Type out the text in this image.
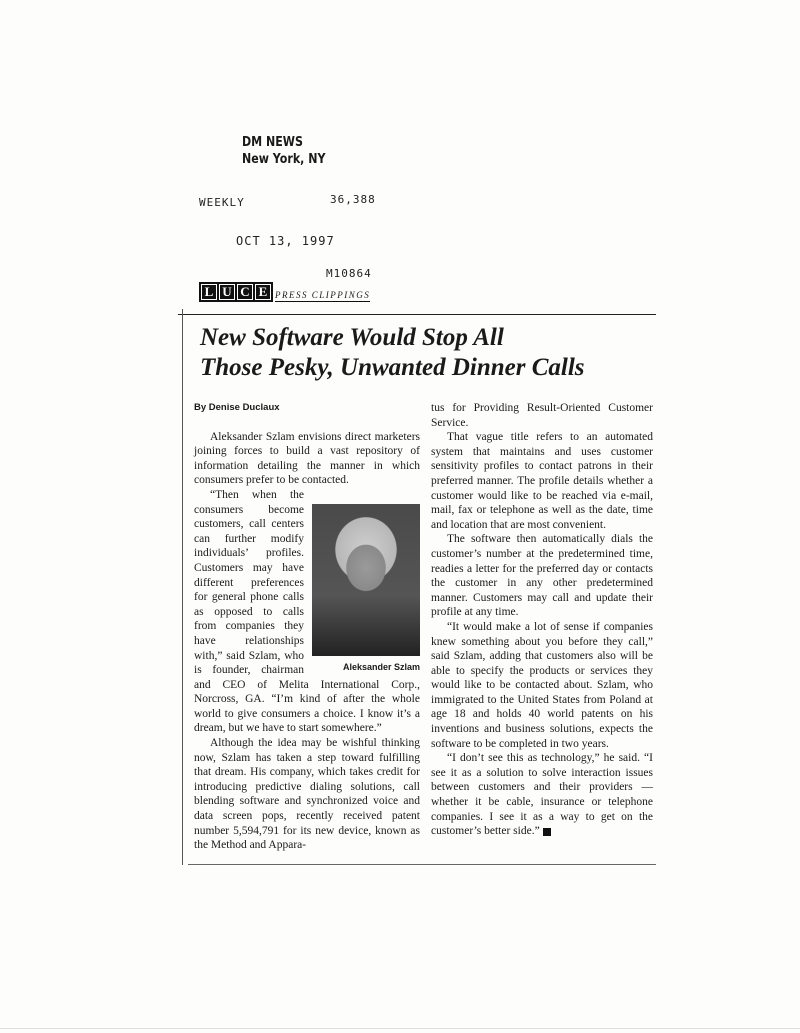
DM NEWS
New York, NY
WEEKLY	36,388
OCT 13, 1997
M10864
L U C E PRESS CLIPPINGS
New Software Would Stop All
Those Pesky, Unwanted Dinner Calls
By Denise Duclaux

Aleksander Szlam envisions direct marketers joining forces to build a vast repository of information detailing the manner in which consumers prefer to be contacted.

Aleksander Szlam

“Then when the consumers become customers, call centers can further modify individuals’ profiles. Customers may have different preferences for general phone calls as opposed to calls from companies they have relationships with,” said Szlam, who is founder, chairman and CEO of Melita International Corp., Norcross, GA. “I’m kind of after the whole world to give consumers a choice. I know it’s a dream, but we have to start somewhere.”

Although the idea may be wishful thinking now, Szlam has taken a step toward fulfilling that dream. His company, which takes credit for introducing predictive dialing solutions, call blending software and synchronized voice and data screen pops, recently received patent number 5,594,791 for its new device, known as the Method and Appara-

tus for Providing Result-Oriented Customer Service.

That vague title refers to an automated system that maintains and uses customer sensitivity profiles to contact patrons in their preferred manner. The profile details whether a customer would like to be reached via e-mail, mail, fax or telephone as well as the date, time and location that are most convenient.

The software then automatically dials the customer’s number at the predetermined time, readies a letter for the preferred day or contacts the customer in any other predetermined manner. Customers may call and update their profile at any time.

“It would make a lot of sense if companies knew something about you before they call,” said Szlam, adding that customers also will be able to specify the products or services they would like to be contacted about. Szlam, who immigrated to the United States from Poland at age 18 and holds 40 world patents on his inventions and business solutions, expects the software to be completed in two years.

“I don’t see this as technology,” he said. “I see it as a solution to solve interaction issues between customers and their providers — whether it be cable, insurance or telephone companies. I see it as a way to get on the customer’s better side.”
